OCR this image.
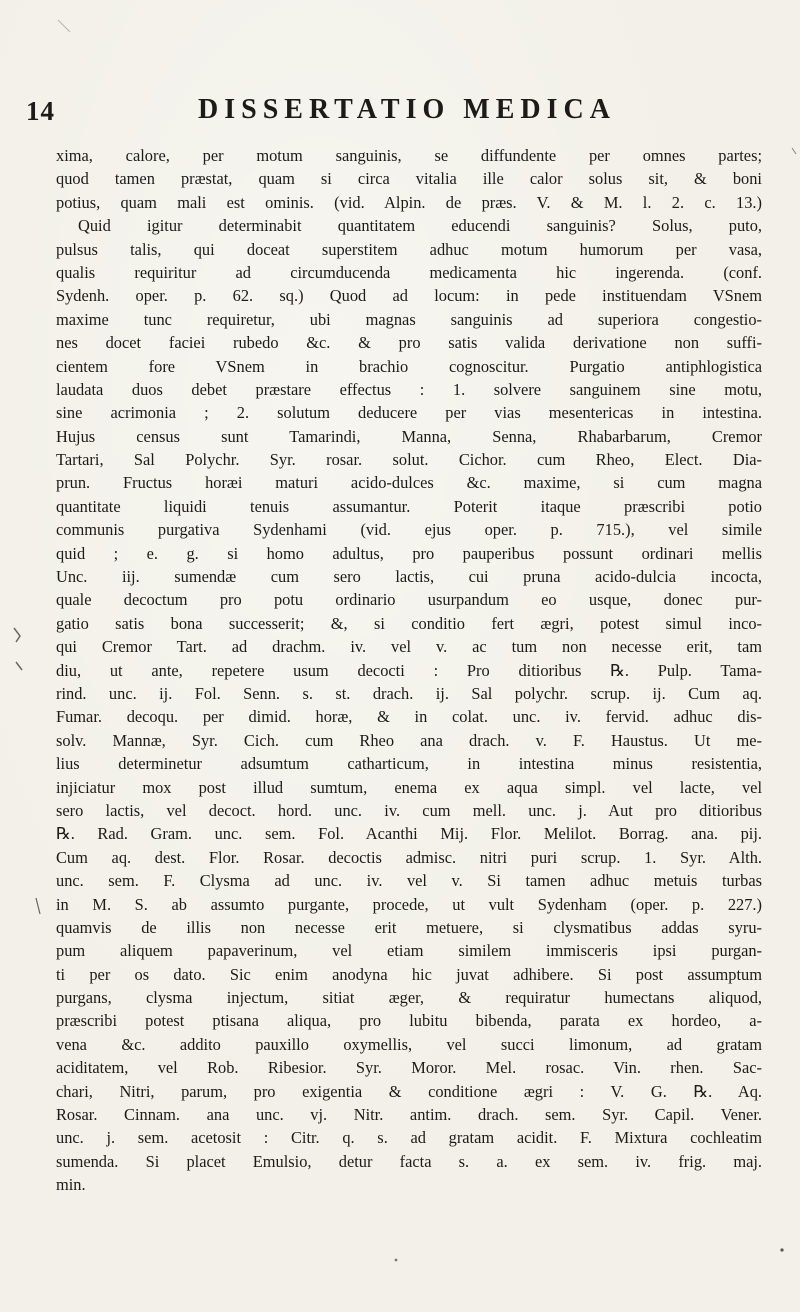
14	DISSERTATIO MEDICA
xima, calore, per motum sanguinis, se diffundente per omnes partes;
quod tamen præstat, quam si circa vitalia ille calor solus sit, & boni
potius, quam mali est ominis. (vid. Alpin. de præs. V. & M. l. 2. c. 13.)
Quid igitur determinabit quantitatem educendi sanguinis? Solus, puto,
pulsus talis, qui doceat superstitem adhuc motum humorum per vasa,
qualis requiritur ad circumducenda medicamenta hic ingerenda. (conf.
Sydenh. oper. p. 62. sq.) Quod ad locum: in pede instituendam VSnem
maxime tunc requiretur, ubi magnas sanguinis ad superiora congestio-
nes docet faciei rubedo &c. & pro satis valida derivatione non suffi-
cientem fore VSnem in brachio cognoscitur. Purgatio antiphlogistica
laudata duos debet præstare effectus : 1. solvere sanguinem sine motu,
sine acrimonia ; 2. solutum deducere per vias mesentericas in intestina.
Hujus census sunt Tamarindi, Manna, Senna, Rhabarbarum, Cremor
Tartari, Sal Polychr. Syr. rosar. solut. Cichor. cum Rheo, Elect. Dia-
prun. Fructus horæi maturi acido-dulces &c. maxime, si cum magna
quantitate liquidi tenuis assumantur. Poterit itaque præscribi potio
communis purgativa Sydenhami (vid. ejus oper. p. 715.), vel simile
quid ; e. g. si homo adultus, pro pauperibus possunt ordinari mellis
Unc. iij. sumendæ cum sero lactis, cui pruna acido-dulcia incocta,
quale decoctum pro potu ordinario usurpandum eo usque, donec pur-
gatio satis bona successerit; &, si conditio fert ægri, potest simul inco-
qui Cremor Tart. ad drachm. iv. vel v. ac tum non necesse erit, tam
diu, ut ante, repetere usum decocti : Pro ditioribus ℞. Pulp. Tama-
rind. unc. ij. Fol. Senn. s. st. drach. ij. Sal polychr. scrup. ij. Cum aq.
Fumar. decoqu. per dimid. horæ, & in colat. unc. iv. fervid. adhuc dis-
solv. Mannæ, Syr. Cich. cum Rheo ana drach. v. F. Haustus. Ut me-
lius determinetur adsumtum catharticum, in intestina minus resistentia,
injiciatur mox post illud sumtum, enema ex aqua simpl. vel lacte, vel
sero lactis, vel decoct. hord. unc. iv. cum mell. unc. j. Aut pro ditioribus
℞. Rad. Gram. unc. sem. Fol. Acanthi Mij. Flor. Melilot. Borrag. ana. pij.
Cum aq. dest. Flor. Rosar. decoctis admisc. nitri puri scrup. 1. Syr. Alth.
unc. sem. F. Clysma ad unc. iv. vel v. Si tamen adhuc metuis turbas
in M. S. ab assumto purgante, procede, ut vult Sydenham (oper. p. 227.)
quamvis de illis non necesse erit metuere, si clysmatibus addas syru-
pum aliquem papaverinum, vel etiam similem immisceris ipsi purgan-
ti per os dato. Sic enim anodyna hic juvat adhibere. Si post assumptum
purgans, clysma injectum, sitiat æger, & requiratur humectans aliquod,
præscribi potest ptisana aliqua, pro lubitu bibenda, parata ex hordeo, a-
vena &c. addito pauxillo oxymellis, vel succi limonum, ad gratam
aciditatem, vel Rob. Ribesior. Syr. Moror. Mel. rosac. Vin. rhen. Sac-
chari, Nitri, parum, pro exigentia & conditione ægri : V. G. ℞. Aq.
Rosar. Cinnam. ana unc. vj. Nitr. antim. drach. sem. Syr. Capil. Vener.
unc. j. sem. acetosit : Citr. q. s. ad gratam acidit. F. Mixtura cochleatim
sumenda. Si placet Emulsio, detur facta s. a. ex sem. iv. frig. maj.
min.
